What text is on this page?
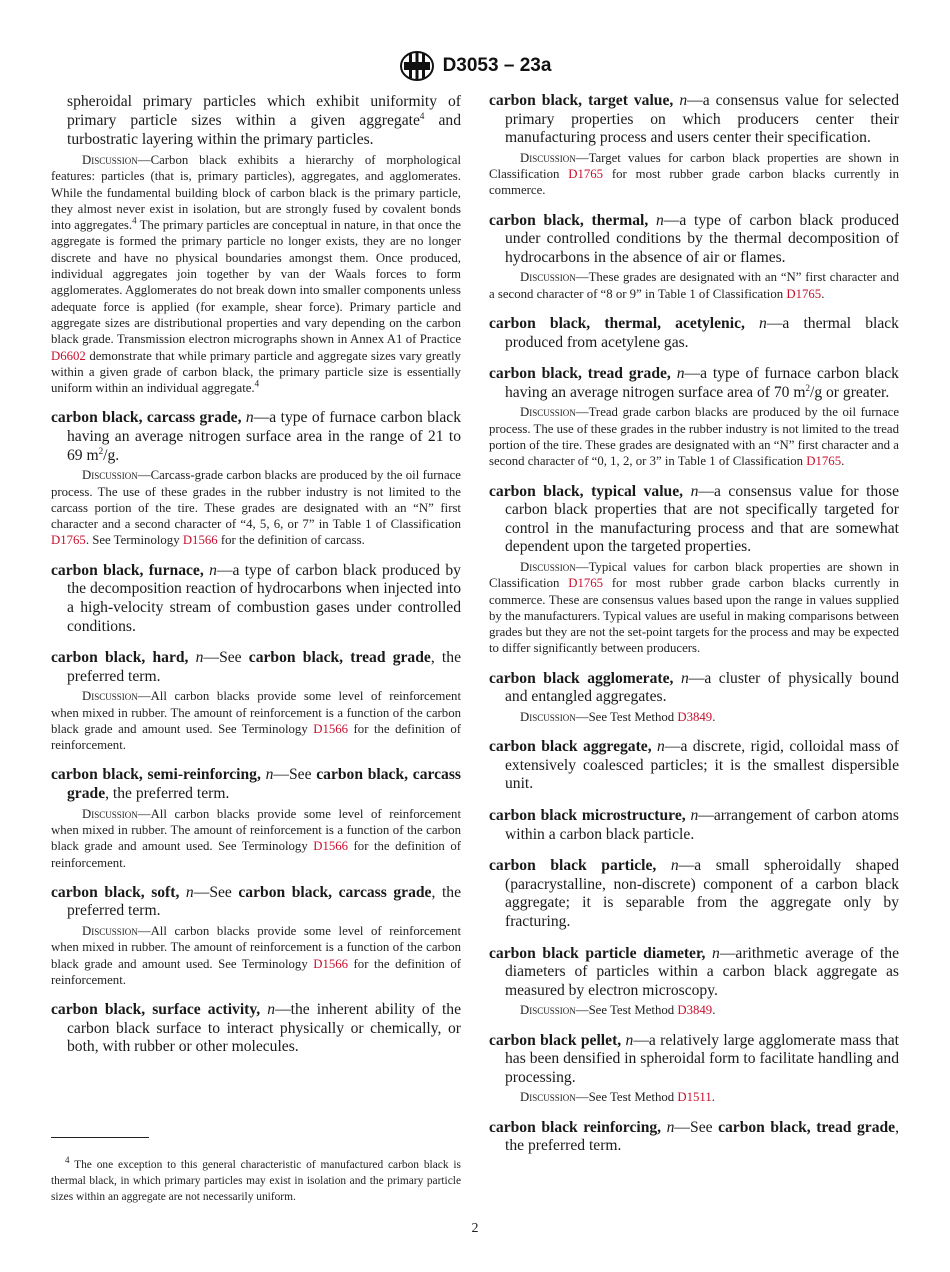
D3053 – 23a

spheroidal primary particles which exhibit uniformity of primary particle sizes within a given aggregate$^4$ and turbostratic layering within the primary particles.

Discussion—Carbon black exhibits a hierarchy of morphological features: particles (that is, primary particles), aggregates, and agglomerates. While the fundamental building block of carbon black is the primary particle, they almost never exist in isolation, but are strongly fused by covalent bonds into aggregates.$^4$ The primary particles are conceptual in nature, in that once the aggregate is formed the primary particle no longer exists, they are no longer discrete and have no physical boundaries amongst them. Once produced, individual aggregates join together by van der Waals forces to form agglomerates. Agglomerates do not break down into smaller components unless adequate force is applied (for example, shear force). Primary particle and aggregate sizes are distributional properties and vary depending on the carbon black grade. Transmission electron micrographs shown in Annex A1 of Practice D6602 demonstrate that while primary particle and aggregate sizes vary greatly within a given grade of carbon black, the primary particle size is essentially uniform within an individual aggregate.$^4$

carbon black, carcass grade, n—a type of furnace carbon black having an average nitrogen surface area in the range of 21 to 69 $m^2/g$.

Discussion—Carcass-grade carbon blacks are produced by the oil furnace process. The use of these grades in the rubber industry is not limited to the carcass portion of the tire. These grades are designated with an “N” first character and a second character of “4, 5, 6, or 7” in Table 1 of Classification D1765. See Terminology D1566 for the definition of carcass.

carbon black, furnace, n—a type of carbon black produced by the decomposition reaction of hydrocarbons when injected into a high-velocity stream of combustion gases under controlled conditions.

carbon black, hard, n—See carbon black, tread grade, the preferred term.

Discussion—All carbon blacks provide some level of reinforcement when mixed in rubber. The amount of reinforcement is a function of the carbon black grade and amount used. See Terminology D1566 for the definition of reinforcement.

carbon black, semi-reinforcing, n—See carbon black, carcass grade, the preferred term.

Discussion—All carbon blacks provide some level of reinforcement when mixed in rubber. The amount of reinforcement is a function of the carbon black grade and amount used. See Terminology D1566 for the definition of reinforcement.

carbon black, soft, n—See carbon black, carcass grade, the preferred term.

Discussion—All carbon blacks provide some level of reinforcement when mixed in rubber. The amount of reinforcement is a function of the carbon black grade and amount used. See Terminology D1566 for the definition of reinforcement.

carbon black, surface activity, n—the inherent ability of the carbon black surface to interact physically or chemically, or both, with rubber or other molecules.

$^4$ The one exception to this general characteristic of manufactured carbon black is thermal black, in which primary particles may exist in isolation and the primary particle sizes within an aggregate are not necessarily uniform.

carbon black, target value, n—a consensus value for selected primary properties on which producers center their manufacturing process and users center their specification.

Discussion—Target values for carbon black properties are shown in Classification D1765 for most rubber grade carbon blacks currently in commerce.

carbon black, thermal, n—a type of carbon black produced under controlled conditions by the thermal decomposition of hydrocarbons in the absence of air or flames.

Discussion—These grades are designated with an “N” first character and a second character of “8 or 9” in Table 1 of Classification D1765.

carbon black, thermal, acetylenic, n—a thermal black produced from acetylene gas.

carbon black, tread grade, n—a type of furnace carbon black having an average nitrogen surface area of 70 $m^2/g$ or greater.

Discussion—Tread grade carbon blacks are produced by the oil furnace process. The use of these grades in the rubber industry is not limited to the tread portion of the tire. These grades are designated with an “N” first character and a second character of “0, 1, 2, or 3” in Table 1 of Classification D1765.

carbon black, typical value, n—a consensus value for those carbon black properties that are not specifically targeted for control in the manufacturing process and that are somewhat dependent upon the targeted properties.

Discussion—Typical values for carbon black properties are shown in Classification D1765 for most rubber grade carbon blacks currently in commerce. These are consensus values based upon the range in values supplied by the manufacturers. Typical values are useful in making comparisons between grades but they are not the set-point targets for the process and may be expected to differ significantly between producers.

carbon black agglomerate, n—a cluster of physically bound and entangled aggregates.

Discussion—See Test Method D3849.

carbon black aggregate, n—a discrete, rigid, colloidal mass of extensively coalesced particles; it is the smallest dispersible unit.

carbon black microstructure, n—arrangement of carbon atoms within a carbon black particle.

carbon black particle, n—a small spheroidally shaped (paracrystalline, non-discrete) component of a carbon black aggregate; it is separable from the aggregate only by fracturing.

carbon black particle diameter, n—arithmetic average of the diameters of particles within a carbon black aggregate as measured by electron microscopy.

Discussion—See Test Method D3849.

carbon black pellet, n—a relatively large agglomerate mass that has been densified in spheroidal form to facilitate handling and processing.

Discussion—See Test Method D1511.

carbon black reinforcing, n—See carbon black, tread grade, the preferred term.

2
